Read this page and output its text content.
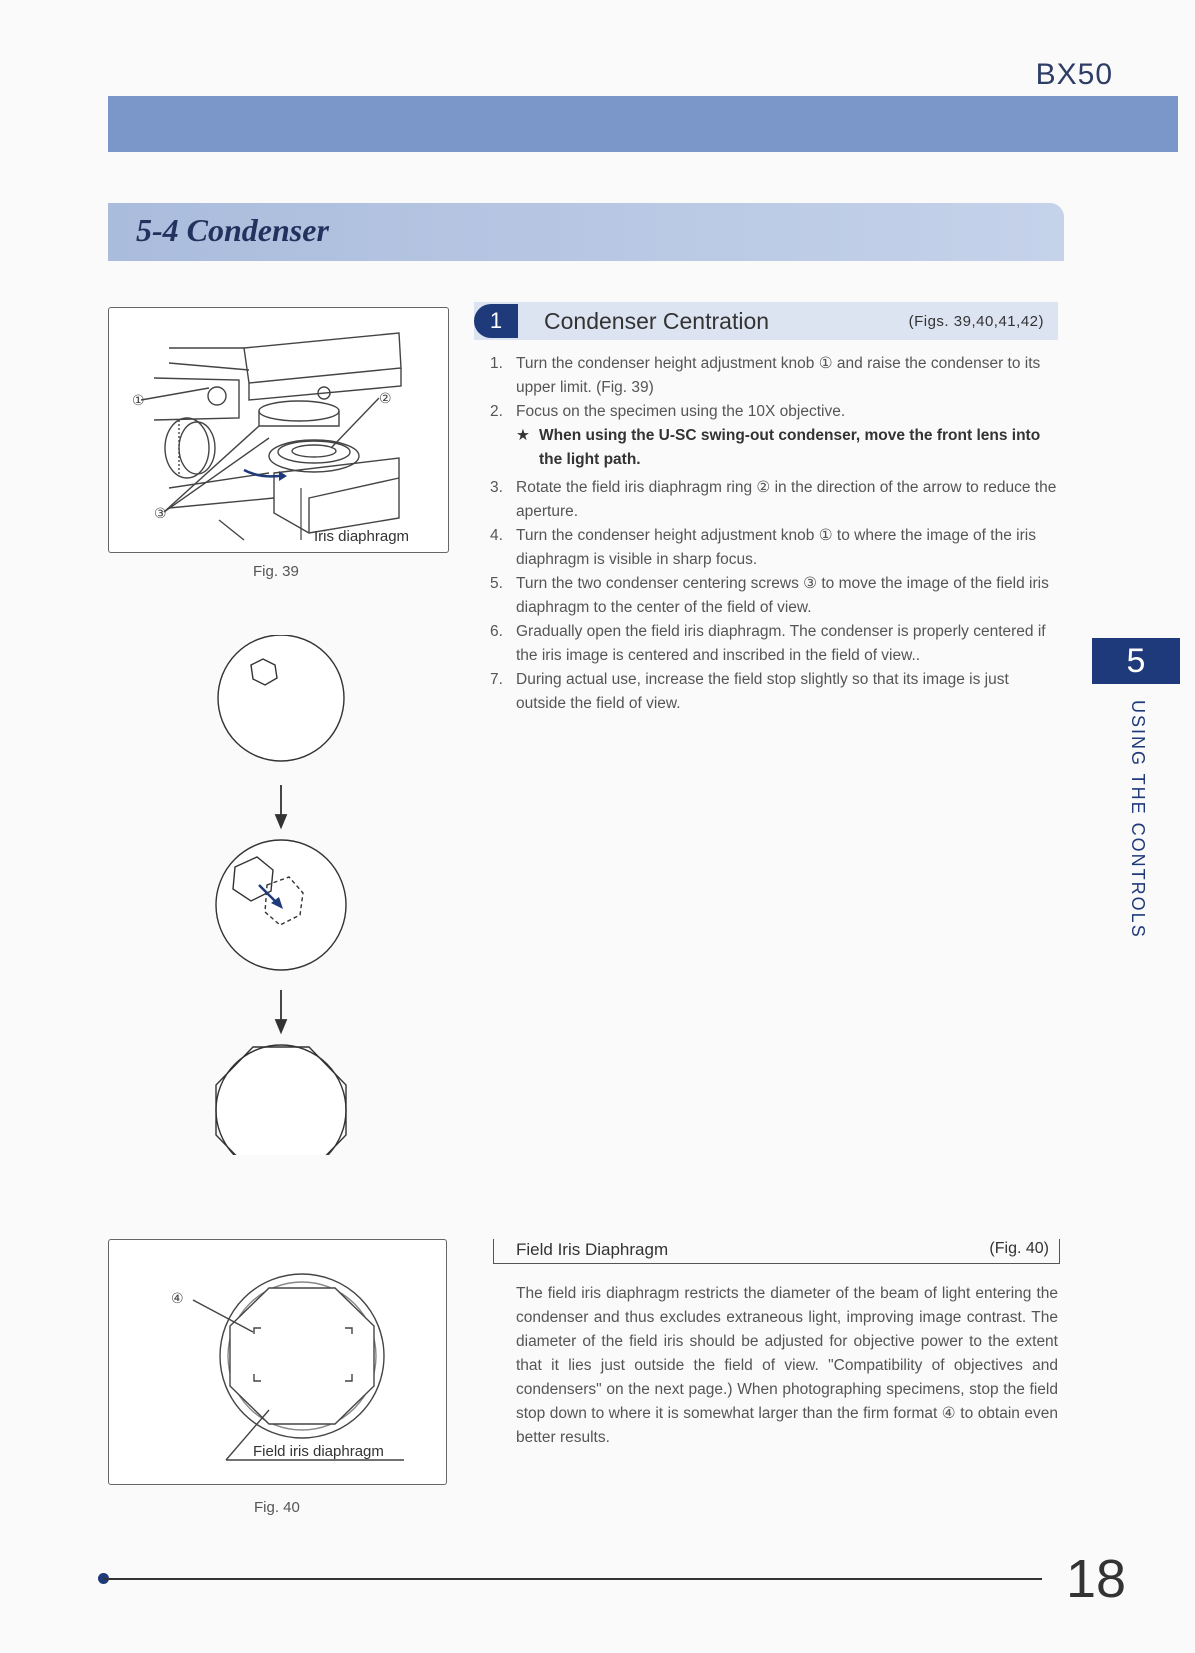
BX50
5-4 Condenser
①	②
③
Iris diaphragm
Fig. 39
1	Condenser Centration	(Figs. 39,40,41,42)
1. Turn the condenser height adjustment knob ① and raise the condenser to its upper limit. (Fig. 39)
2. Focus on the specimen using the 10X objective.
★ When using the U-SC swing-out condenser, move the front lens into the light path.
3. Rotate the field iris diaphragm ring ② in the direction of the arrow to reduce the aperture.
4. Turn the condenser height adjustment knob ① to where the image of the iris diaphragm is visible in sharp focus.
5. Turn the two condenser centering screws ③ to move the image of the field iris diaphragm to the center of the field of view.
6. Gradually open the field iris diaphragm. The condenser is properly centered if the iris image is centered and inscribed in the field of view..
7. During actual use, increase the field stop slightly so that its image is just outside the field of view.
④
Field iris diaphragm
Fig. 40
Field Iris Diaphragm	(Fig. 40)

The field iris diaphragm restricts the diameter of the beam of light entering the condenser and thus excludes extraneous light, improving image contrast. The diameter of the field iris should be adjusted for objective power to the extent that it lies just outside the field of view. "Compatibility of objectives and condensers" on the next page.) When photographing specimens, stop the field stop down to where it is somewhat larger than the firm format ④ to obtain even better results.

5
USING THE CONTROLS
18
